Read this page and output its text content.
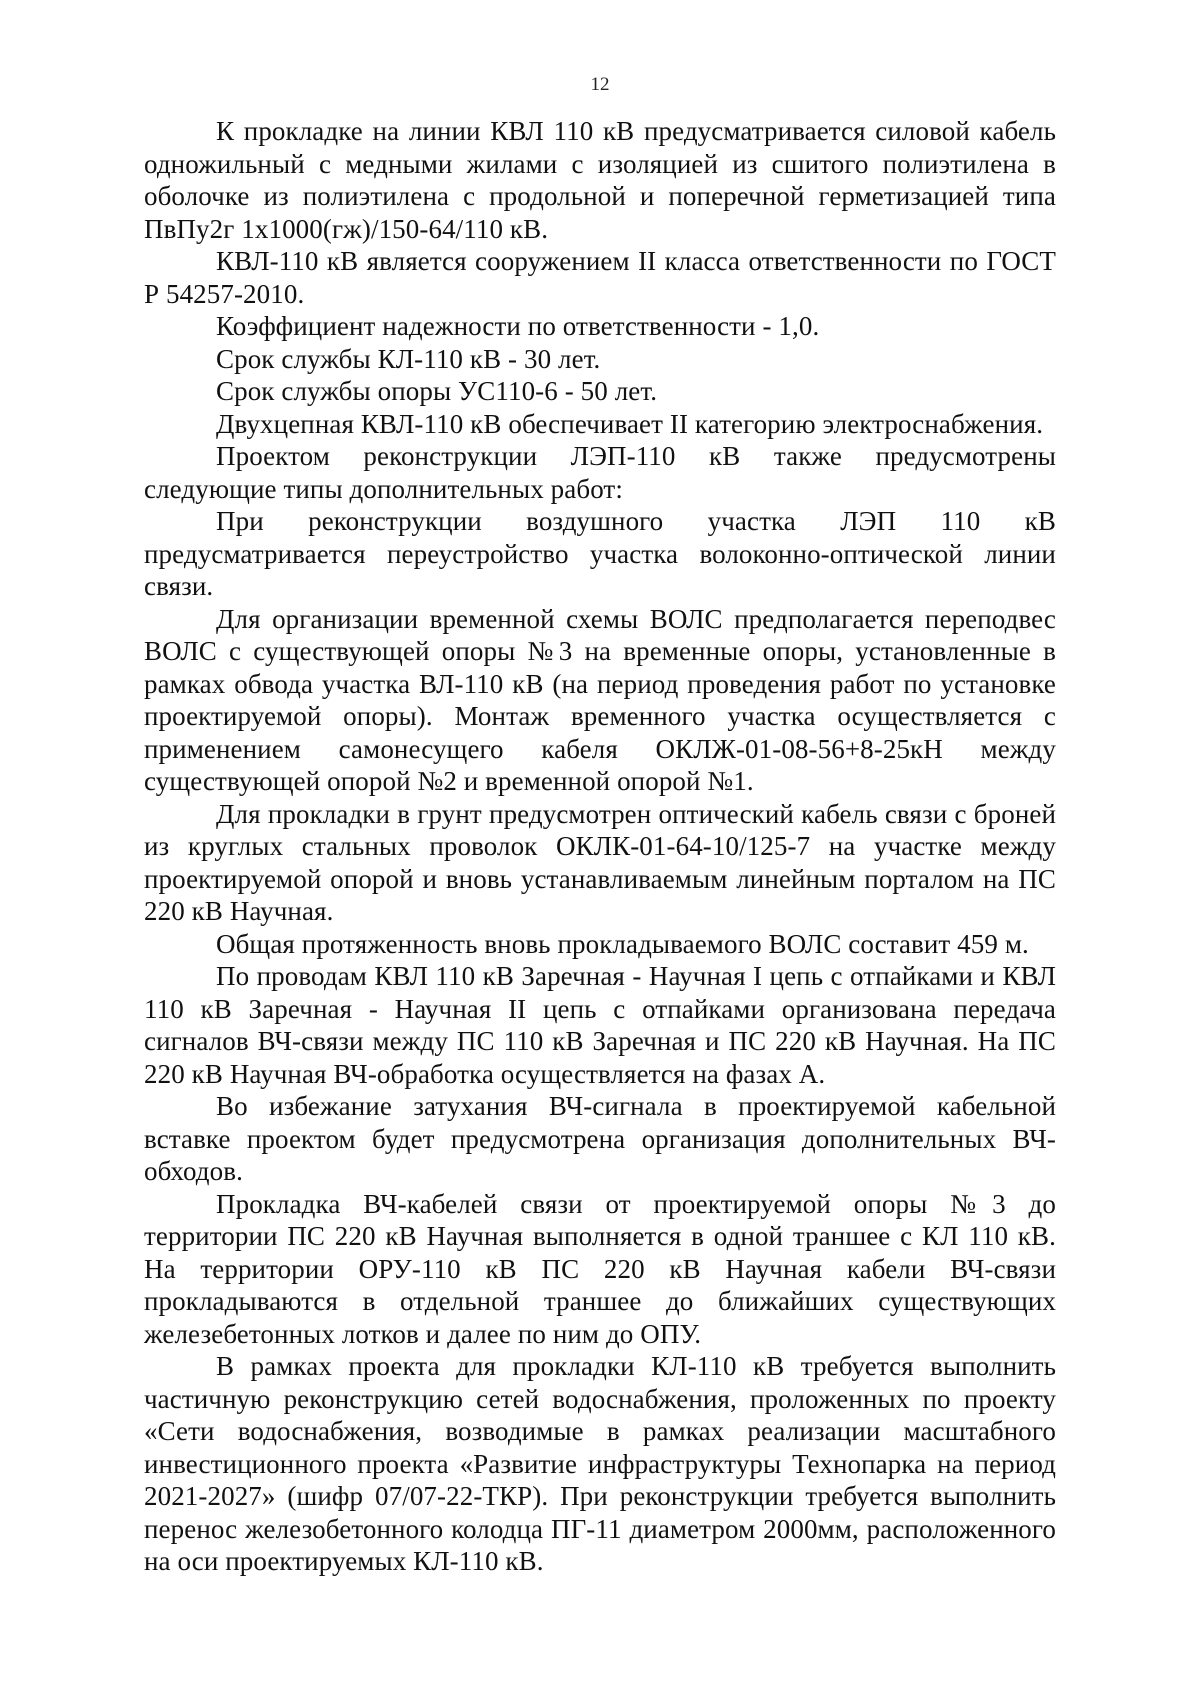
12

К прокладке на линии КВЛ 110 кВ предусматривается силовой кабель одножильный с медными жилами с изоляцией из сшитого полиэтилена в оболочке из полиэтилена с продольной и поперечной герметизацией типа ПвПу2г 1х1000(гж)/150-64/110 кВ.

КВЛ-110 кВ является сооружением II класса ответственности по ГОСТ Р 54257-2010.

Коэффициент надежности по ответственности - 1,0.

Срок службы КЛ-110 кВ - 30 лет.

Срок службы опоры УС110-6 - 50 лет.

Двухцепная КВЛ-110 кВ обеспечивает II категорию электроснабжения.

Проектом реконструкции ЛЭП-110 кВ также предусмотрены следующие типы дополнительных работ:

При реконструкции воздушного участка ЛЭП 110 кВ предусматривается переустройство участка волоконно-оптической линии связи.

Для организации временной схемы ВОЛС предполагается переподвес ВОЛС с существующей опоры №3 на временные опоры, установленные в рамках обвода участка ВЛ-110 кВ (на период проведения работ по установке проектируемой опоры). Монтаж временного участка осуществляется с применением самонесущего кабеля ОКЛЖ-01-08-56+8-25кН между существующей опорой №2 и временной опорой №1.

Для прокладки в грунт предусмотрен оптический кабель связи с броней из круглых стальных проволок ОКЛК-01-64-10/125-7 на участке между проектируемой опорой и вновь устанавливаемым линейным порталом на ПС 220 кВ Научная.

Общая протяженность вновь прокладываемого ВОЛС составит 459 м.

По проводам КВЛ 110 кВ Заречная - Научная I цепь с отпайками и КВЛ 110 кВ Заречная - Научная II цепь с отпайками организована передача сигналов ВЧ-связи между ПС 110 кВ Заречная и ПС 220 кВ Научная. На ПС 220 кВ Научная ВЧ-обработка осуществляется на фазах А.

Во избежание затухания ВЧ-сигнала в проектируемой кабельной вставке проектом будет предусмотрена организация дополнительных ВЧ-обходов.

Прокладка ВЧ-кабелей связи от проектируемой опоры №3 до территории ПС 220 кВ Научная выполняется в одной траншее с КЛ 110 кВ. На территории ОРУ-110 кВ ПС 220 кВ Научная кабели ВЧ-связи прокладываются в отдельной траншее до ближайших существующих железебетонных лотков и далее по ним до ОПУ.

В рамках проекта для прокладки КЛ-110 кВ требуется выполнить частичную реконструкцию сетей водоснабжения, проложенных по проекту «Сети водоснабжения, возводимые в рамках реализации масштабного инвестиционного проекта «Развитие инфраструктуры Технопарка на период 2021-2027» (шифр 07/07-22-ТКР). При реконструкции требуется выполнить перенос железобетонного колодца ПГ-11 диаметром 2000мм, расположенного на оси проектируемых КЛ-110 кВ.
